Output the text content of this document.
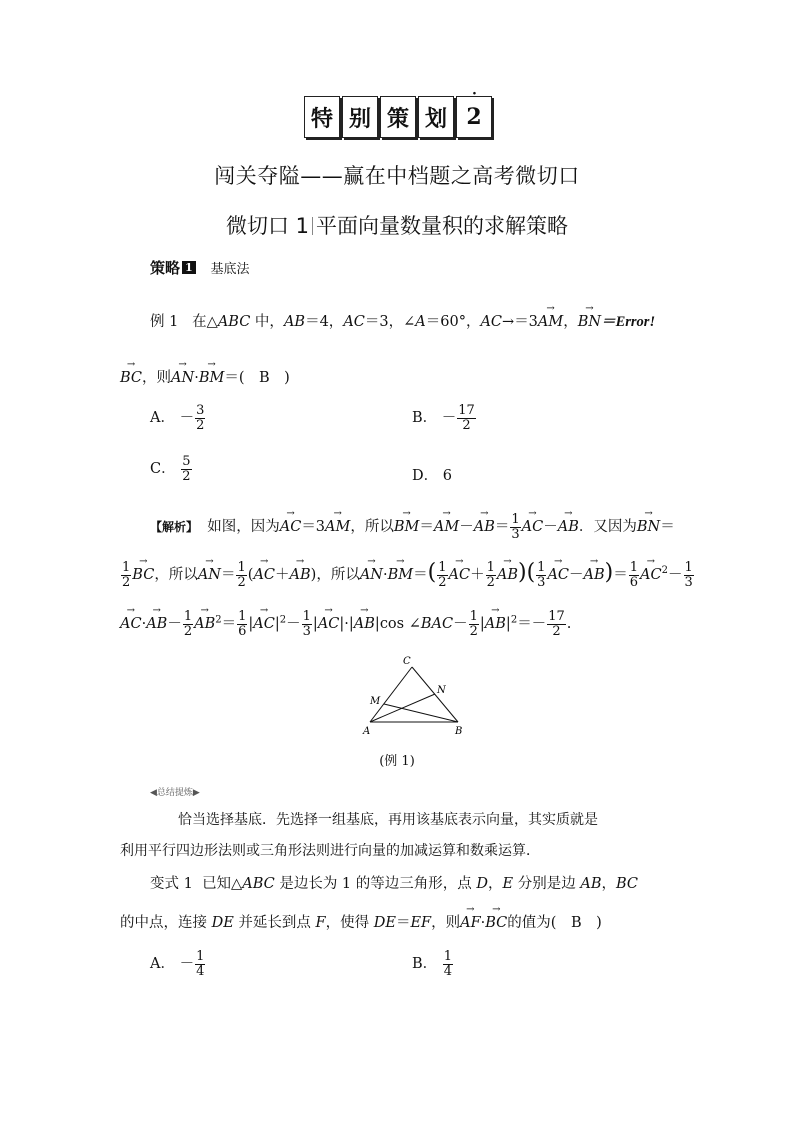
特 别 策 划
·
2
闯关夺隘——赢在中档题之高考微切口
微切口 1 平面向量数量积的求解策略
策略 1 基底法
例 1 在△ABC 中，AB＝4，AC＝3，∠A＝60°，AC→＝3→ AM，→ BN＝Error!
→ BC，则→ AN·→ BM＝(　B　)
A． － $\frac{3}{2}$	B． － $\frac{17}{2}$
C． $\frac{5}{2}$	D． 6
【解析】 如图，因为→ AC＝3→ AM，所以→ $BM=\to AM-\to AB= \frac{1}{3}$
→ AC－→ AB．又因为→ BN＝
$\frac{1}{2}$
→ BC，所以→ $AN= \frac{1}{2}$ (→ AC＋→ AB)，所以→ $AN\cdot\to BM=( \frac{1}{2}$
→ $AC+ \frac{1}{2}$
→ $AB)( \frac{1}{3}$
→ $AC-\to AB)= \frac{1}{6}$
→ $AC^2- \frac{1}{3}$
→ $AC\cdot\to AB- \frac{1}{2}$
→ $AB^2= \frac{1}{6}$ |→ $AC|^2- \frac{1}{3}$ |→ AC|·|→ AB|cos ∠BAC－ $\frac{1}{2}$ |→ $AB|^2=- \frac{17}{2}$ .
C
N
M
A	B
(例 1)
◀总结提炼▶
恰当选择基底．先选择一组基底，再用该基底表示向量，其实质就是
利用平行四边形法则或三角形法则进行向量的加减运算和数乘运算．
变式 1 已知△ABC 是边长为 1 的等边三角形，点 D，E 分别是边 AB，BC
的中点，连接 DE 并延长到点 F，使得 DE＝EF，则→ AF·→ BC的值为(　B　)
A． － $\frac{1}{4}$	B． $\frac{1}{4}$
